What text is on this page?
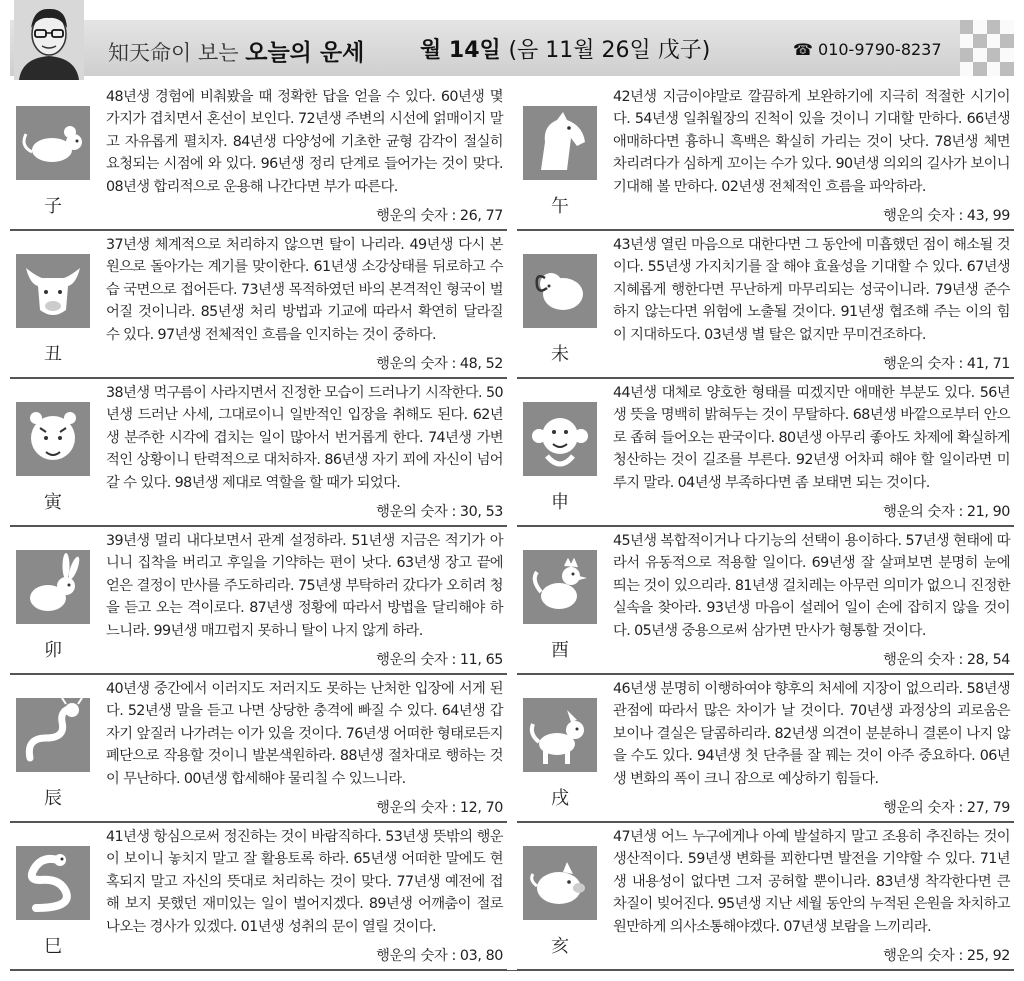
知天命이 보는 오늘의 운세	월 14일 (음 11월 26일 戊子)	☎ 010-9790-8237
子
48년생 경험에 비춰봤을 때 정확한 답을 얻을 수 있다. 60년생 몇 가지가 겹치면서 혼선이 보인다. 72년생 주변의 시선에 얽매이지 말고 자유롭게 펼치자. 84년생 다양성에 기초한 균형 감각이 절실히 요청되는 시점에 와 있다. 96년생 정리 단계로 들어가는 것이 맞다. 08년생 합리적으로 운용해 나간다면 부가 따른다.
행운의 숫자 : 26, 77
丑
37년생 체계적으로 처리하지 않으면 탈이 나리라. 49년생 다시 본원으로 돌아가는 계기를 맞이한다. 61년생 소강상태를 뒤로하고 수습 국면으로 접어든다. 73년생 목적하였던 바의 본격적인 형국이 벌어질 것이니라. 85년생 처리 방법과 기교에 따라서 확연히 달라질 수 있다. 97년생 전체적인 흐름을 인지하는 것이 중하다.
행운의 숫자 : 48, 52
寅
38년생 먹구름이 사라지면서 진정한 모습이 드러나기 시작한다. 50년생 드러난 사세, 그대로이니 일반적인 입장을 취해도 된다. 62년생 분주한 시각에 겹치는 일이 많아서 번거롭게 한다. 74년생 가변적인 상황이니 탄력적으로 대처하자. 86년생 자기 꾀에 자신이 넘어갈 수 있다. 98년생 제대로 역할을 할 때가 되었다.
행운의 숫자 : 30, 53
卯
39년생 멀리 내다보면서 관계 설정하라. 51년생 지금은 적기가 아니니 집착을 버리고 후일을 기약하는 편이 낫다. 63년생 장고 끝에 얻은 결정이 만사를 주도하리라. 75년생 부탁하러 갔다가 오히려 청을 듣고 오는 격이로다. 87년생 정황에 따라서 방법을 달리해야 하느니라. 99년생 매끄럽지 못하니 탈이 나지 않게 하라.
행운의 숫자 : 11, 65
辰
40년생 중간에서 이러지도 저러지도 못하는 난처한 입장에 서게 된다. 52년생 말을 듣고 나면 상당한 충격에 빠질 수 있다. 64년생 갑자기 앞질러 나가려는 이가 있을 것이다. 76년생 어떠한 형태로든지 폐단으로 작용할 것이니 발본색원하라. 88년생 절차대로 행하는 것이 무난하다. 00년생 합세해야 물리칠 수 있느니라.
행운의 숫자 : 12, 70
巳
41년생 항심으로써 정진하는 것이 바람직하다. 53년생 뜻밖의 행운이 보이니 놓치지 말고 잘 활용토록 하라. 65년생 어떠한 말에도 현혹되지 말고 자신의 뜻대로 처리하는 것이 맞다. 77년생 예전에 접해 보지 못했던 재미있는 일이 벌어지겠다. 89년생 어깨춤이 절로 나오는 경사가 있겠다. 01년생 성취의 문이 열릴 것이다.
행운의 숫자 : 03, 80
午
42년생 지금이야말로 깔끔하게 보완하기에 지극히 적절한 시기이다. 54년생 일취월장의 진척이 있을 것이니 기대할 만하다. 66년생 애매하다면 흉하니 흑백은 확실히 가리는 것이 낫다. 78년생 체면 차리려다가 심하게 꼬이는 수가 있다. 90년생 의외의 길사가 보이니 기대해 볼 만하다. 02년생 전체적인 흐름을 파악하라.
행운의 숫자 : 43, 99
未
43년생 열린 마음으로 대한다면 그 동안에 미흡했던 점이 해소될 것이다. 55년생 가지치기를 잘 해야 효율성을 기대할 수 있다. 67년생 지혜롭게 행한다면 무난하게 마무리되는 성국이니라. 79년생 준수하지 않는다면 위험에 노출될 것이다. 91년생 협조해 주는 이의 힘이 지대하도다. 03년생 별 탈은 없지만 무미건조하다.
행운의 숫자 : 41, 71
申
44년생 대체로 양호한 형태를 띠겠지만 애매한 부분도 있다. 56년생 뜻을 명백히 밝혀두는 것이 무탈하다. 68년생 바깥으로부터 안으로 좁혀 들어오는 판국이다. 80년생 아무리 좋아도 차제에 확실하게 청산하는 것이 길조를 부른다. 92년생 어차피 해야 할 일이라면 미루지 말라. 04년생 부족하다면 좀 보태면 되는 것이다.
행운의 숫자 : 21, 90
酉
45년생 복합적이거나 다기능의 선택이 용이하다. 57년생 현태에 따라서 유동적으로 적용할 일이다. 69년생 잘 살펴보면 분명히 눈에 띄는 것이 있으리라. 81년생 걸치레는 아무런 의미가 없으니 진정한 실속을 찾아라. 93년생 마음이 설레어 일이 손에 잡히지 않을 것이다. 05년생 중용으로써 삼가면 만사가 형통할 것이다.
행운의 숫자 : 28, 54
戌
46년생 분명히 이행하여야 향후의 처세에 지장이 없으리라. 58년생 관점에 따라서 많은 차이가 날 것이다. 70년생 과정상의 괴로움은 보이나 결실은 달콤하리라. 82년생 의견이 분분하니 결론이 나지 않을 수도 있다. 94년생 첫 단추를 잘 꿰는 것이 아주 중요하다. 06년생 변화의 폭이 크니 잠으로 예상하기 힘들다.
행운의 숫자 : 27, 79
亥
47년생 어느 누구에게나 아예 발설하지 말고 조용히 추진하는 것이 생산적이다. 59년생 변화를 꾀한다면 발전을 기약할 수 있다. 71년생 내용성이 없다면 그저 공허할 뿐이니라. 83년생 착각한다면 큰 차질이 빚어진다. 95년생 지난 세월 동안의 누적된 은원을 차치하고 원만하게 의사소통해야겠다. 07년생 보람을 느끼리라.
행운의 숫자 : 25, 92
